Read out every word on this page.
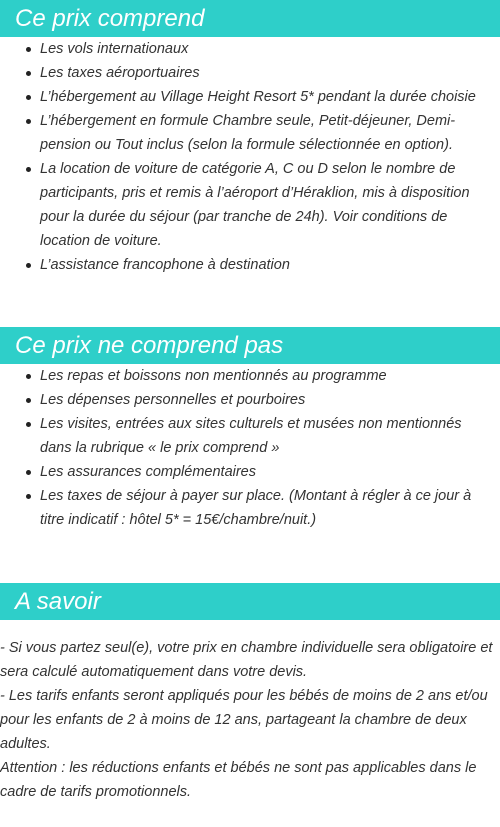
Ce prix comprend
Les vols internationaux
Les taxes aéroportuaires
L’hébergement au Village Height Resort 5* pendant la durée choisie
L’hébergement en formule Chambre seule, Petit-déjeuner, Demi-pension ou Tout inclus (selon la formule sélectionnée en option).
La location de voiture de catégorie A, C ou D selon le nombre de participants, pris et remis à l’aéroport d’Héraklion, mis à disposition pour la durée du séjour (par tranche de 24h). Voir conditions de location de voiture.
L’assistance francophone à destination
Ce prix ne comprend pas
Les repas et boissons non mentionnés au programme
Les dépenses personnelles et pourboires
Les visites, entrées aux sites culturels et musées non mentionnés dans la rubrique « le prix comprend »
Les assurances complémentaires
Les taxes de séjour à payer sur place. (Montant à régler à ce jour à titre indicatif : hôtel 5* = 15€/chambre/nuit.)
A savoir

- Si vous partez seul(e), votre prix en chambre individuelle sera obligatoire et sera calculé automatiquement dans votre devis.

- Les tarifs enfants seront appliqués pour les bébés de moins de 2 ans et/ou pour les enfants de 2 à moins de 12 ans, partageant la chambre de deux adultes.

Attention : les réductions enfants et bébés ne sont pas applicables dans le cadre de tarifs promotionnels.
